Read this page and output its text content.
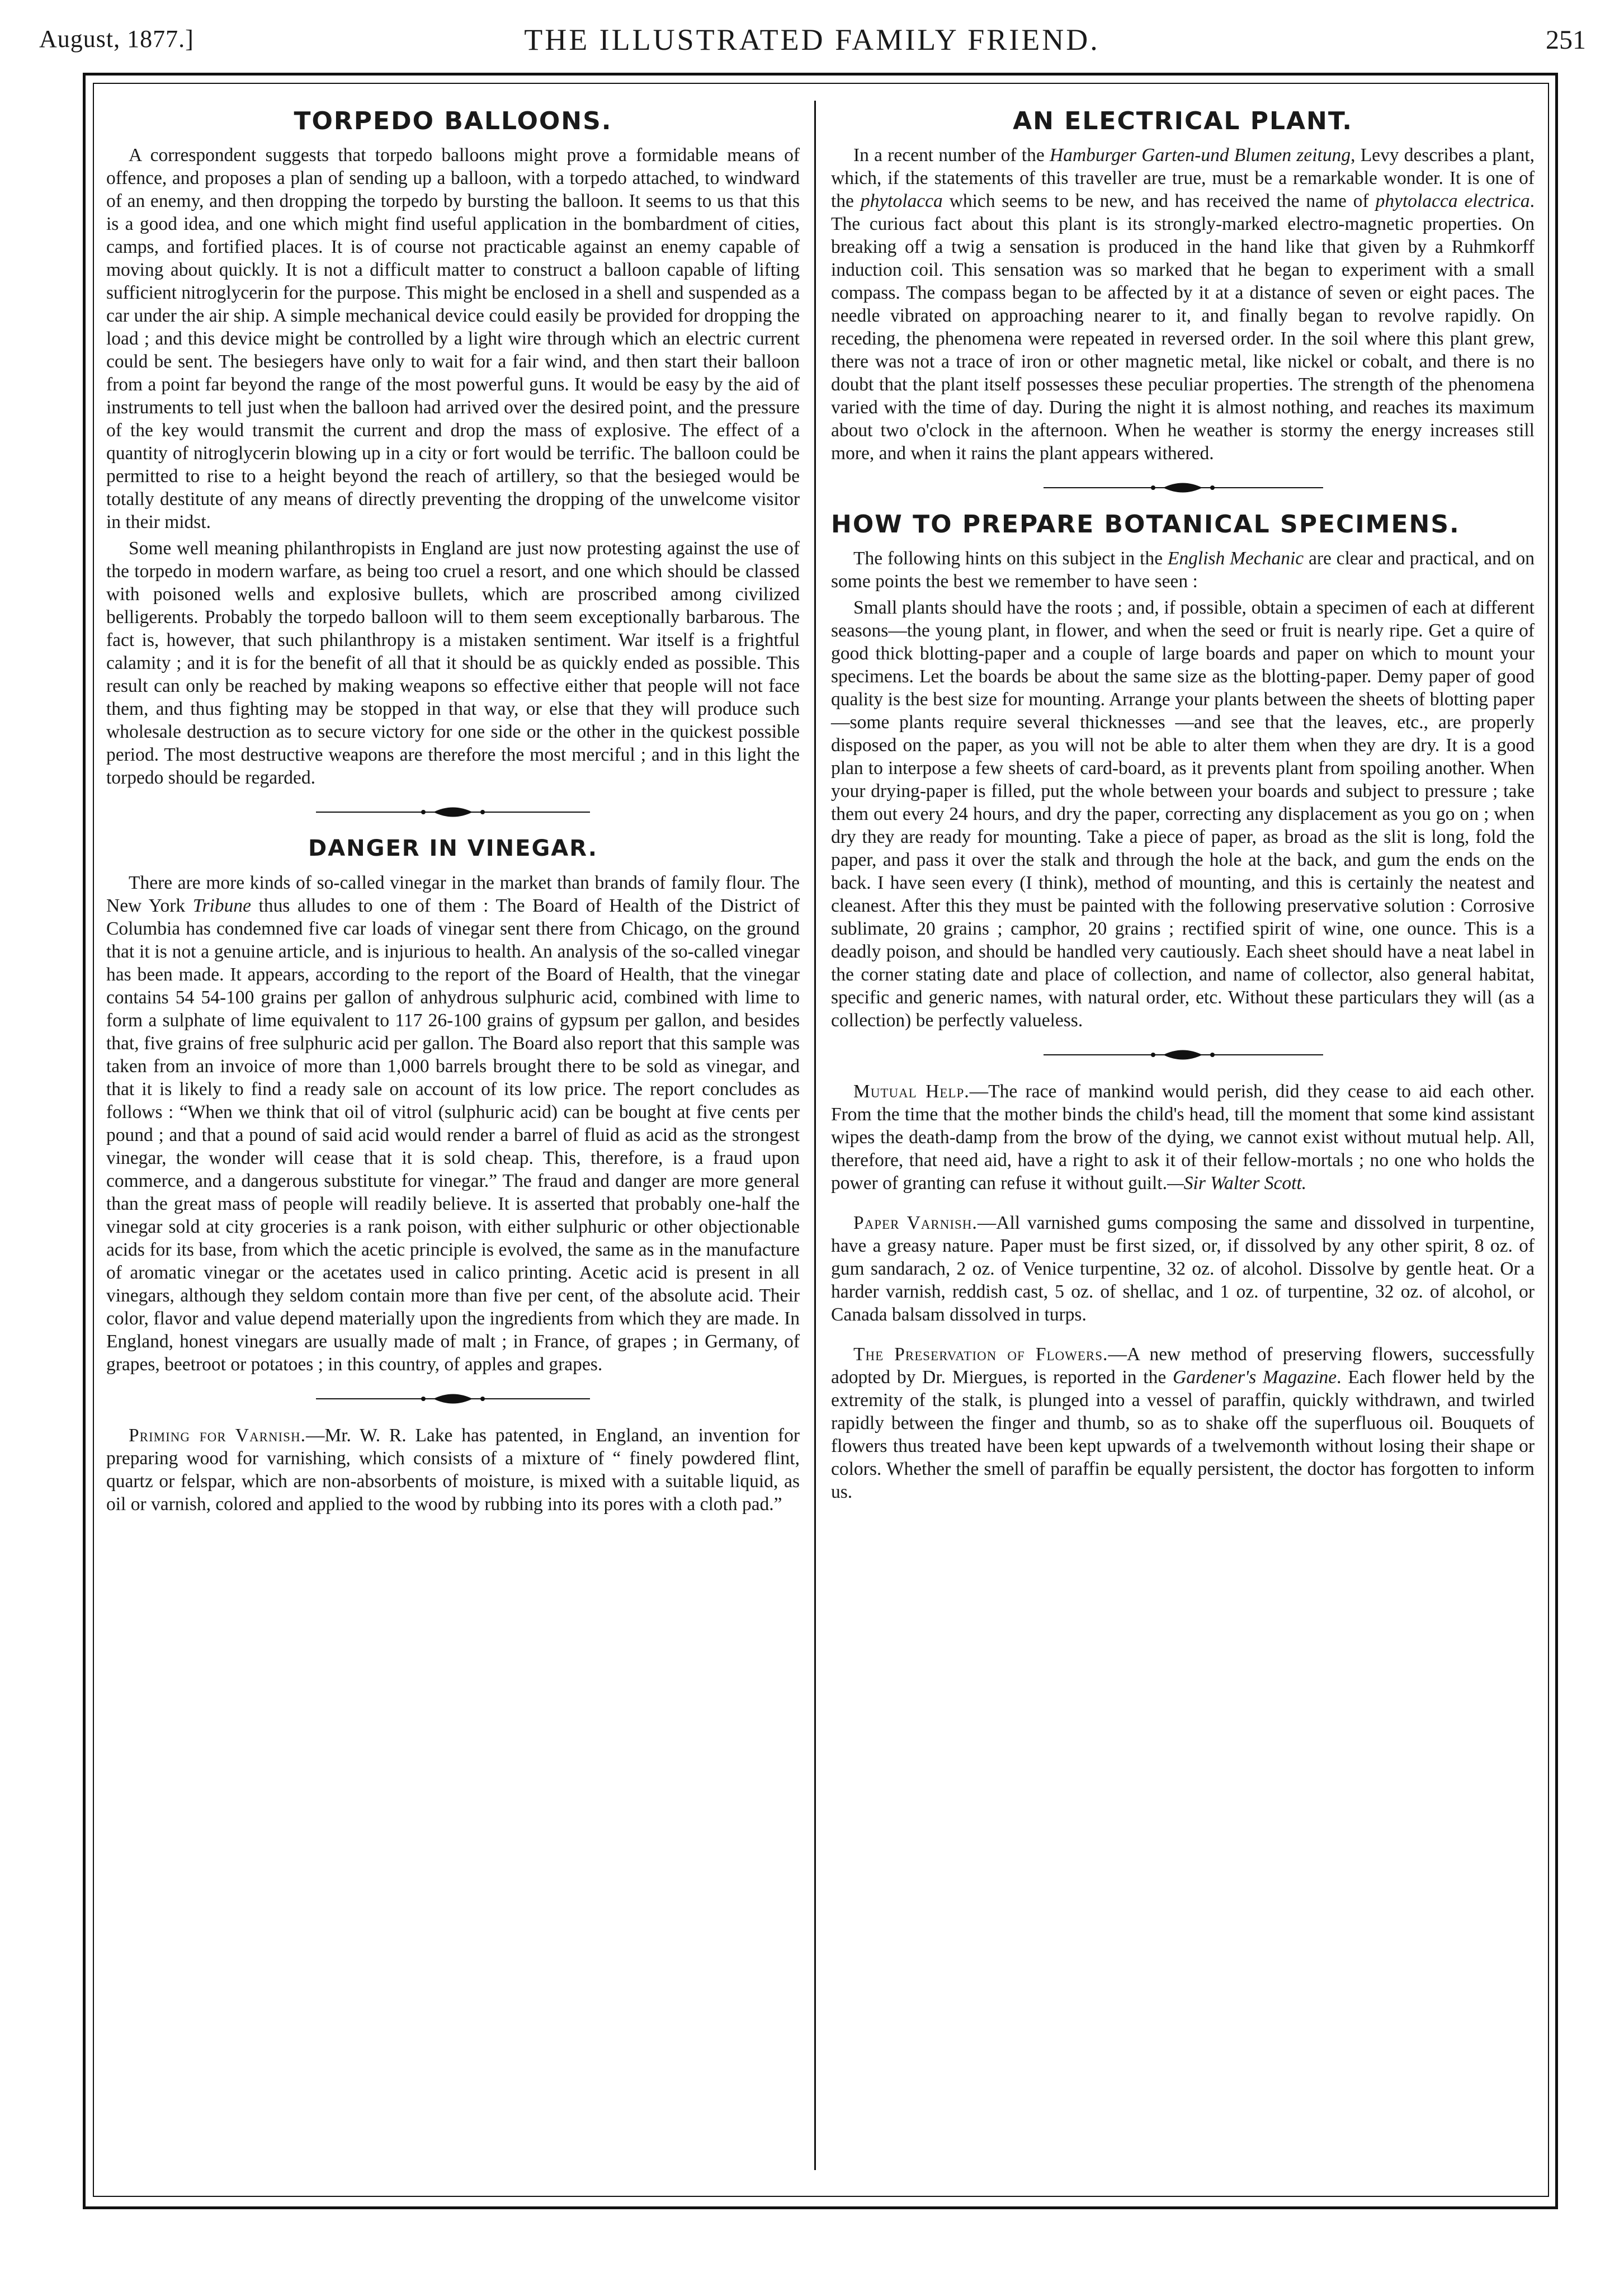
August, 1877.]	THE ILLUSTRATED FAMILY FRIEND.	251
TORPEDO BALLOONS.

A correspondent suggests that torpedo balloons might prove a formidable means of offence, and proposes a plan of sending up a balloon, with a torpedo attached, to windward of an enemy, and then dropping the torpedo by bursting the balloon. It seems to us that this is a good idea, and one which might find useful application in the bombardment of cities, camps, and fortified places. It is of course not practicable against an enemy capable of moving about quickly. It is not a difficult matter to construct a balloon capable of lifting sufficient nitroglycerin for the purpose. This might be enclosed in a shell and suspended as a car under the air ship. A simple mechanical device could easily be provided for dropping the load ; and this device might be controlled by a light wire through which an electric current could be sent. The besiegers have only to wait for a fair wind, and then start their balloon from a point far beyond the range of the most powerful guns. It would be easy by the aid of instruments to tell just when the balloon had arrived over the desired point, and the pressure of the key would transmit the current and drop the mass of explosive. The effect of a quantity of nitroglycerin blowing up in a city or fort would be terrific. The balloon could be permitted to rise to a height beyond the reach of artillery, so that the besieged would be totally destitute of any means of directly preventing the dropping of the unwelcome visitor in their midst.

Some well meaning philanthropists in England are just now protesting against the use of the torpedo in modern warfare, as being too cruel a resort, and one which should be classed with poisoned wells and explosive bullets, which are proscribed among civilized belligerents. Probably the torpedo balloon will to them seem exceptionally barbarous. The fact is, however, that such philanthropy is a mistaken sentiment. War itself is a frightful calamity ; and it is for the benefit of all that it should be as quickly ended as possible. This result can only be reached by making weapons so effective either that people will not face them, and thus fighting may be stopped in that way, or else that they will produce such wholesale destruction as to secure victory for one side or the other in the quickest possible period. The most destructive weapons are therefore the most merciful ; and in this light the torpedo should be regarded.

DANGER IN VINEGAR.

There are more kinds of so-called vinegar in the market than brands of family flour. The New York Tribune thus alludes to one of them : The Board of Health of the District of Columbia has condemned five car loads of vinegar sent there from Chicago, on the ground that it is not a genuine article, and is injurious to health. An analysis of the so-called vinegar has been made. It appears, according to the report of the Board of Health, that the vinegar contains 54 54-100 grains per gallon of anhydrous sulphuric acid, combined with lime to form a sulphate of lime equivalent to 117 26-100 grains of gypsum per gallon, and besides that, five grains of free sulphuric acid per gallon. The Board also report that this sample was taken from an invoice of more than 1,000 barrels brought there to be sold as vinegar, and that it is likely to find a ready sale on account of its low price. The report concludes as follows : “When we think that oil of vitrol (sulphuric acid) can be bought at five cents per pound ; and that a pound of said acid would render a barrel of fluid as acid as the strongest vinegar, the wonder will cease that it is sold cheap. This, therefore, is a fraud upon commerce, and a dangerous substitute for vinegar.” The fraud and danger are more general than the great mass of people will readily believe. It is asserted that probably one-half the vinegar sold at city groceries is a rank poison, with either sulphuric or other objectionable acids for its base, from which the acetic principle is evolved, the same as in the manufacture of aromatic vinegar or the acetates used in calico printing. Acetic acid is present in all vinegars, although they seldom contain more than five per cent, of the absolute acid. Their color, flavor and value depend materially upon the ingredients from which they are made. In England, honest vinegars are usually made of malt ; in France, of grapes ; in Germany, of grapes, beetroot or potatoes ; in this country, of apples and grapes.

Priming for Varnish.—Mr. W. R. Lake has patented, in England, an invention for preparing wood for varnishing, which consists of a mixture of “ finely powdered flint, quartz or felspar, which are non-absorbents of moisture, is mixed with a suitable liquid, as oil or varnish, colored and applied to the wood by rubbing into its pores with a cloth pad.”

AN ELECTRICAL PLANT.

In a recent number of the Hamburger Garten-und Blumen zeitung, Levy describes a plant, which, if the statements of this traveller are true, must be a remarkable wonder. It is one of the phytolacca which seems to be new, and has received the name of phytolacca electrica. The curious fact about this plant is its strongly-marked electro-magnetic properties. On breaking off a twig a sensation is produced in the hand like that given by a Ruhmkorff induction coil. This sensation was so marked that he began to experiment with a small compass. The compass began to be affected by it at a distance of seven or eight paces. The needle vibrated on approaching nearer to it, and finally began to revolve rapidly. On receding, the phenomena were repeated in reversed order. In the soil where this plant grew, there was not a trace of iron or other magnetic metal, like nickel or cobalt, and there is no doubt that the plant itself possesses these peculiar properties. The strength of the phenomena varied with the time of day. During the night it is almost nothing, and reaches its maximum about two o'clock in the afternoon. When he weather is stormy the energy increases still more, and when it rains the plant appears withered.

HOW TO PREPARE BOTANICAL SPECIMENS.

The following hints on this subject in the English Mechanic are clear and practical, and on some points the best we remember to have seen :

Small plants should have the roots ; and, if possible, obtain a specimen of each at different seasons—the young plant, in flower, and when the seed or fruit is nearly ripe. Get a quire of good thick blotting-paper and a couple of large boards and paper on which to mount your specimens. Let the boards be about the same size as the blotting-paper. Demy paper of good quality is the best size for mounting. Arrange your plants between the sheets of blotting paper—some plants require several thicknesses —and see that the leaves, etc., are properly disposed on the paper, as you will not be able to alter them when they are dry. It is a good plan to interpose a few sheets of card-board, as it prevents plant from spoiling another. When your drying-paper is filled, put the whole between your boards and subject to pressure ; take them out every 24 hours, and dry the paper, correcting any displacement as you go on ; when dry they are ready for mounting. Take a piece of paper, as broad as the slit is long, fold the paper, and pass it over the stalk and through the hole at the back, and gum the ends on the back. I have seen every (I think), method of mounting, and this is certainly the neatest and cleanest. After this they must be painted with the following preservative solution : Corrosive sublimate, 20 grains ; camphor, 20 grains ; rectified spirit of wine, one ounce. This is a deadly poison, and should be handled very cautiously. Each sheet should have a neat label in the corner stating date and place of collection, and name of collector, also general habitat, specific and generic names, with natural order, etc. Without these particulars they will (as a collection) be perfectly valueless.

Mutual Help.—The race of mankind would perish, did they cease to aid each other. From the time that the mother binds the child's head, till the moment that some kind assistant wipes the death-damp from the brow of the dying, we cannot exist without mutual help. All, therefore, that need aid, have a right to ask it of their fellow-mortals ; no one who holds the power of granting can refuse it without guilt.—Sir Walter Scott.

Paper Varnish.—All varnished gums composing the same and dissolved in turpentine, have a greasy nature. Paper must be first sized, or, if dissolved by any other spirit, 8 oz. of gum sandarach, 2 oz. of Venice turpentine, 32 oz. of alcohol. Dissolve by gentle heat. Or a harder varnish, reddish cast, 5 oz. of shellac, and 1 oz. of turpentine, 32 oz. of alcohol, or Canada balsam dissolved in turps.

The Preservation of Flowers.—A new method of preserving flowers, successfully adopted by Dr. Miergues, is reported in the Gardener's Magazine. Each flower held by the extremity of the stalk, is plunged into a vessel of paraffin, quickly withdrawn, and twirled rapidly between the finger and thumb, so as to shake off the superfluous oil. Bouquets of flowers thus treated have been kept upwards of a twelvemonth without losing their shape or colors. Whether the smell of paraffin be equally persistent, the doctor has forgotten to inform us.
